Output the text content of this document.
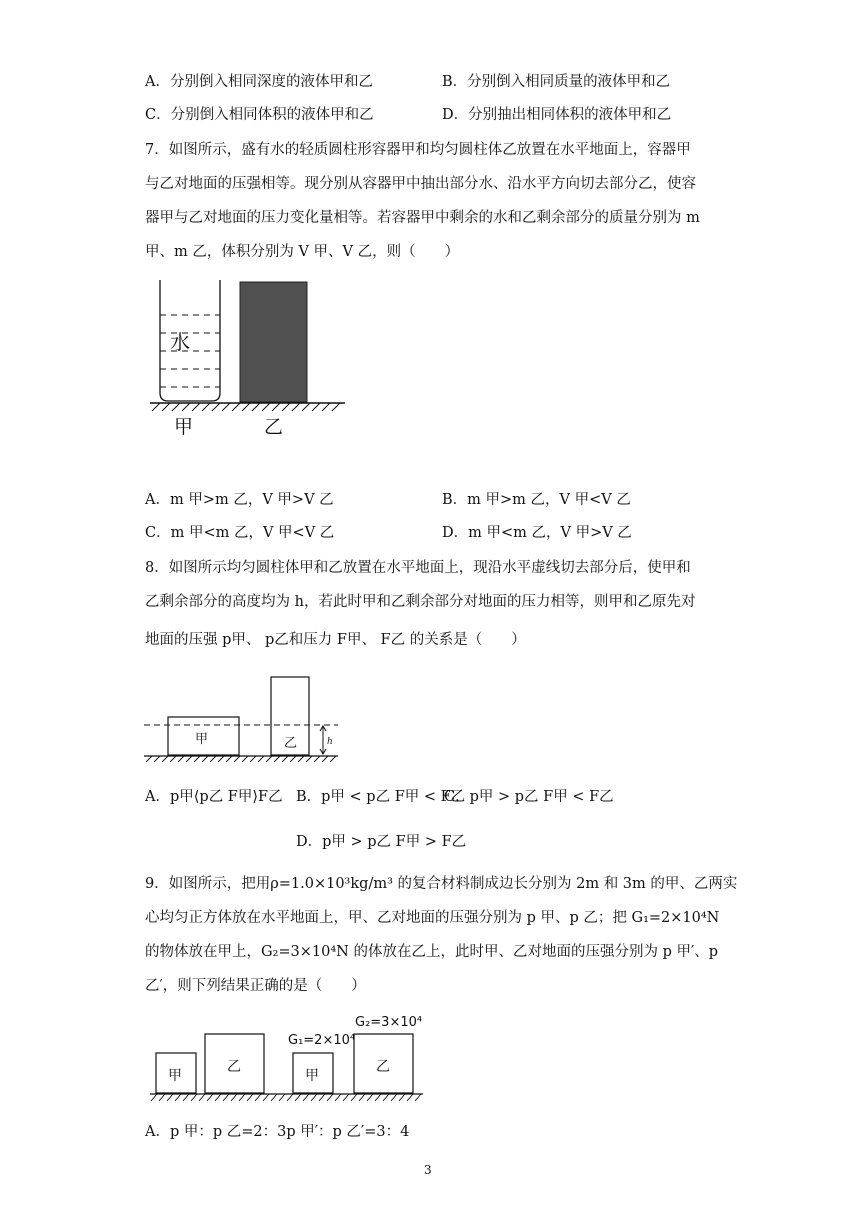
A．分别倒入相同深度的液体甲和乙	B．分别倒入相同质量的液体甲和乙
C．分别倒入相同体积的液体甲和乙	D．分别抽出相同体积的液体甲和乙
7．如图所示，盛有水的轻质圆柱形容器甲和均匀圆柱体乙放置在水平地面上，容器甲
与乙对地面的压强相等。现分别从容器甲中抽出部分水、沿水平方向切去部分乙，使容
器甲与乙对地面的压力变化量相等。若容器甲中剩余的水和乙剩余部分的质量分别为 m
甲、m 乙，体积分别为 V 甲、V 乙，则（　　）
水
甲	乙
A．m 甲>m 乙，V 甲>V 乙	B．m 甲>m 乙，V 甲<V 乙
C．m 甲<m 乙，V 甲<V 乙	D．m 甲<m 乙，V 甲>V 乙
8．如图所示均匀圆柱体甲和乙放置在水平地面上，现沿水平虚线切去部分后，使甲和
乙剩余部分的高度均为 h，若此时甲和乙剩余部分对地面的压力相等，则甲和乙原先对
地面的压强 p甲、 p乙和压力 F甲、 F乙 的关系是（　　）
甲	乙	h
A．p甲⟨p乙 F甲⟩F乙 B．p甲 < p乙 F甲 < F乙
C．p甲 > p乙 F甲 < F乙
D．p甲 > p乙 F甲 > F乙
9．如图所示，把用ρ=1.0×10³kg/m³ 的复合材料制成边长分别为 2m 和 3m 的甲、乙两实
心均匀正方体放在水平地面上，甲、乙对地面的压强分别为 p 甲、p 乙；把 G₁=2×10⁴N
的物体放在甲上，G₂=3×10⁴N 的体放在乙上，此时甲、乙对地面的压强分别为 p 甲′、p
乙′，则下列结果正确的是（　　）
甲
乙
甲
乙
G₁=2×10⁴
G₂=3×10⁴
A．p 甲：p 乙=2：3p 甲′：p 乙′=3：4
3
